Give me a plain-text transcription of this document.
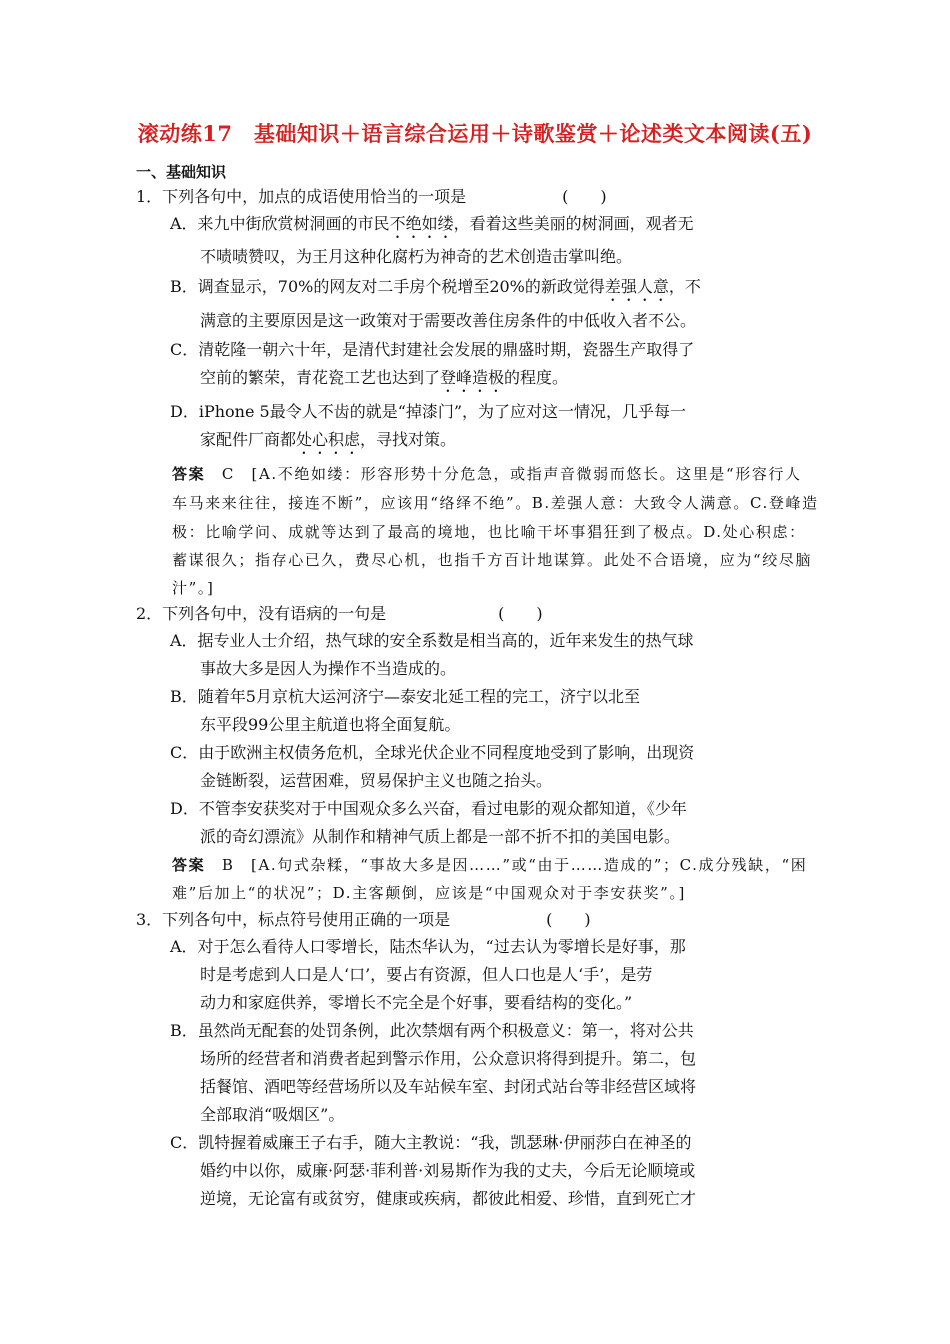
滚动练17　基础知识＋语言综合运用＋诗歌鉴赏＋论述类文本阅读(五)
一、基础知识
1．下列各句中，加点的成语使用恰当的一项是　　　　　　(　　)
A．来九中街欣赏树洞画的市民不绝如缕，看着这些美丽的树洞画，观者无
不啧啧赞叹，为王月这种化腐朽为神奇的艺术创造击掌叫绝。
B．调查显示，70%的网友对二手房个税增至20%的新政觉得差强人意，不
满意的主要原因是这一政策对于需要改善住房条件的中低收入者不公。
C．清乾隆一朝六十年，是清代封建社会发展的鼎盛时期，瓷器生产取得了
空前的繁荣，青花瓷工艺也达到了登峰造极的程度。
D．iPhone 5最令人不齿的就是“掉漆门”，为了应对这一情况，几乎每一
家配件厂商都处心积虑，寻找对策。
答案　 C　[A.不绝如缕：形容形势十分危急，或指声音微弱而悠长。这里是“形容行人
车马来来往往，接连不断”，应该用“络绎不绝”。B.差强人意：大致令人满意。C.登峰造
极：比喻学问、成就等达到了最高的境地，也比喻干坏事猖狂到了极点。D.处心积虑：
蓄谋很久；指存心已久，费尽心机，也指千方百计地谋算。此处不合语境，应为“绞尽脑
汁”。]
2．下列各句中，没有语病的一句是　　　　　　　(　　)
A．据专业人士介绍，热气球的安全系数是相当高的，近年来发生的热气球
事故大多是因人为操作不当造成的。
B．随着年5月京杭大运河济宁—泰安北延工程的完工，济宁以北至
东平段99公里主航道也将全面复航。
C．由于欧洲主权债务危机，全球光伏企业不同程度地受到了影响，出现资
金链断裂，运营困难，贸易保护主义也随之抬头。
D．不管李安获奖对于中国观众多么兴奋，看过电影的观众都知道，《少年
派的奇幻漂流》从制作和精神气质上都是一部不折不扣的美国电影。
答案　 B　[A.句式杂糅，“事故大多是因……”或“由于……造成的”；C.成分残缺，“困
难”后加上“的状况”；D.主客颠倒，应该是“中国观众对于李安获奖”。]
3．下列各句中，标点符号使用正确的一项是　　　　　　(　　)
A．对于怎么看待人口零增长，陆杰华认为，“过去认为零增长是好事，那
时是考虑到人口是人‘口’，要占有资源，但人口也是人‘手’，是劳
动力和家庭供养，零增长不完全是个好事，要看结构的变化。”
B．虽然尚无配套的处罚条例，此次禁烟有两个积极意义：第一，将对公共
场所的经营者和消费者起到警示作用，公众意识将得到提升。第二，包
括餐馆、酒吧等经营场所以及车站候车室、封闭式站台等非经营区域将
全部取消“吸烟区”。
C．凯特握着威廉王子右手，随大主教说：“我，凯瑟琳·伊丽莎白在神圣的
婚约中以你，威廉·阿瑟·菲利普·刘易斯作为我的丈夫，今后无论顺境或
逆境，无论富有或贫穷，健康或疾病，都彼此相爱、珍惜，直到死亡才
